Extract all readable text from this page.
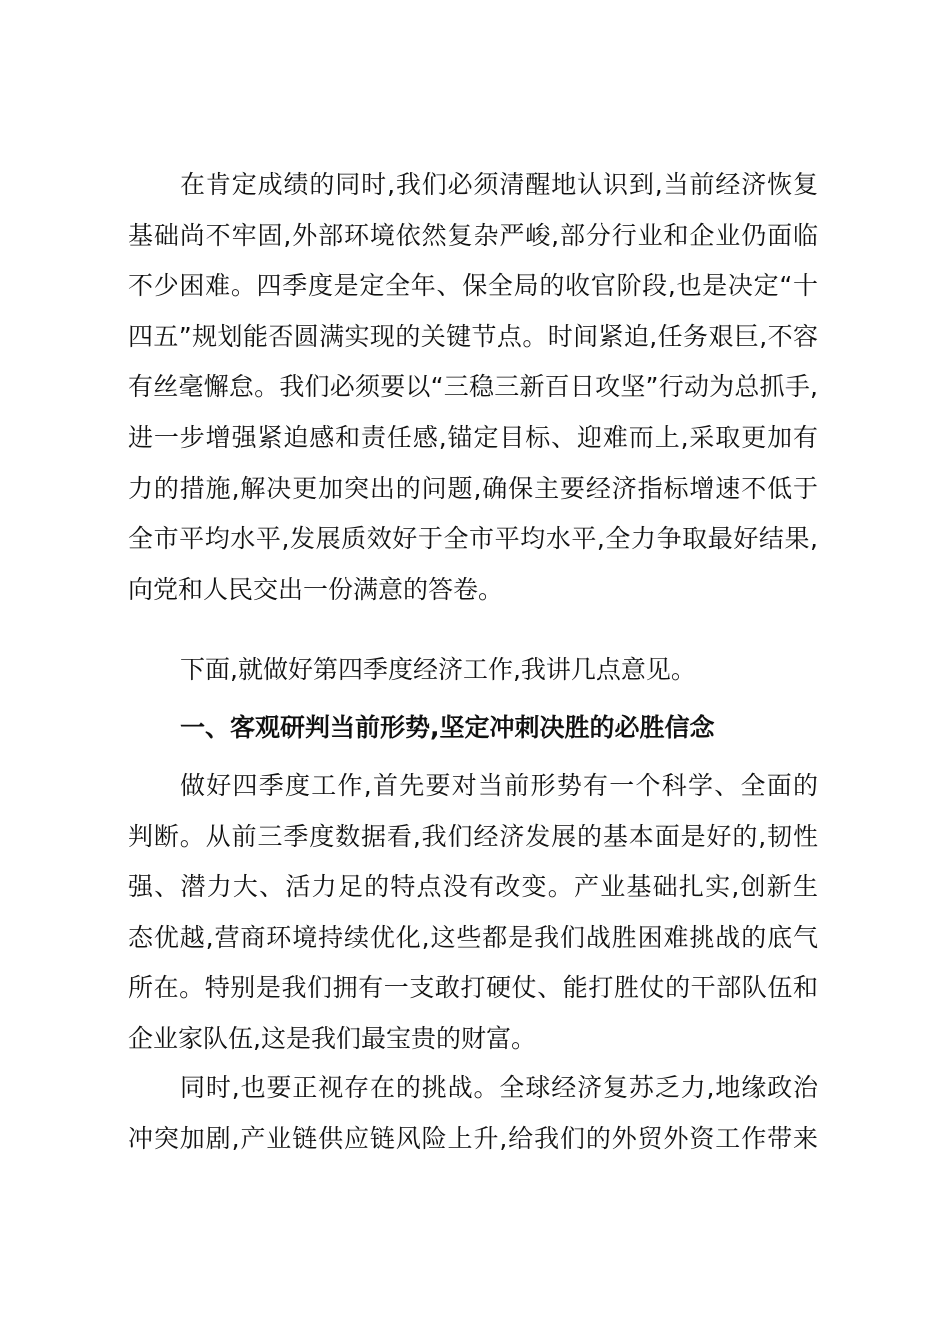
在肯定成绩的同时,我们必须清醒地认识到,当前经济恢复
基础尚不牢固,外部环境依然复杂严峻,部分行业和企业仍面临
不少困难。四季度是定全年、保全局的收官阶段,也是决定“十
四五”规划能否圆满实现的关键节点。时间紧迫,任务艰巨,不容
有丝毫懈怠。我们必须要以“三稳三新百日攻坚”行动为总抓手,
进一步增强紧迫感和责任感,锚定目标、迎难而上,采取更加有
力的措施,解决更加突出的问题,确保主要经济指标增速不低于
全市平均水平,发展质效好于全市平均水平,全力争取最好结果,
向党和人民交出一份满意的答卷。
下面,就做好第四季度经济工作,我讲几点意见。
一、客观研判当前形势,坚定冲刺决胜的必胜信念
做好四季度工作,首先要对当前形势有一个科学、全面的
判断。从前三季度数据看,我们经济发展的基本面是好的,韧性
强、潜力大、活力足的特点没有改变。产业基础扎实,创新生
态优越,营商环境持续优化,这些都是我们战胜困难挑战的底气
所在。特别是我们拥有一支敢打硬仗、能打胜仗的干部队伍和
企业家队伍,这是我们最宝贵的财富。
同时,也要正视存在的挑战。全球经济复苏乏力,地缘政治
冲突加剧,产业链供应链风险上升,给我们的外贸外资工作带来
